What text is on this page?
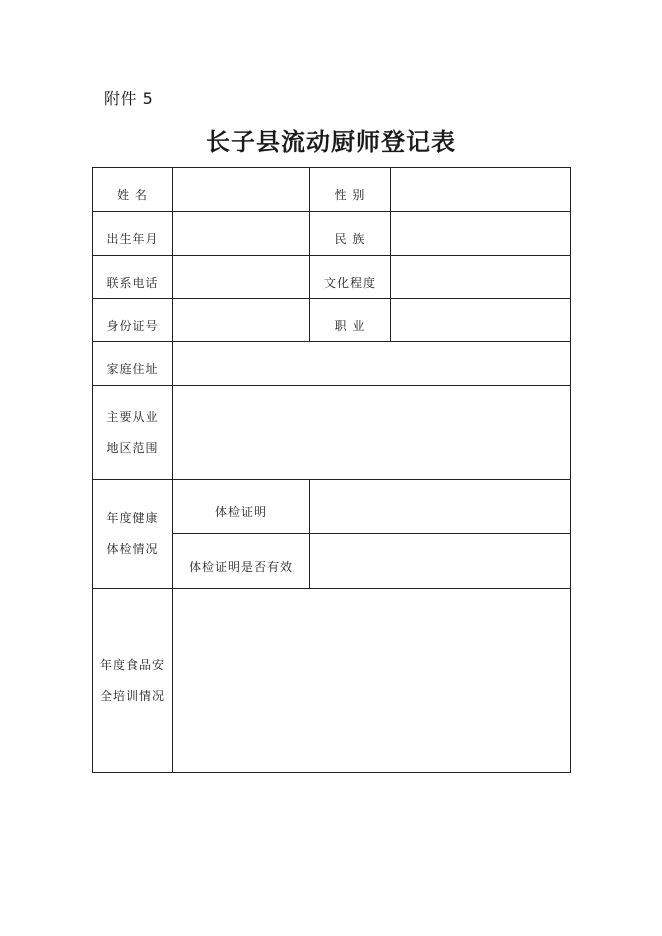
附件 5
长子县流动厨师登记表
姓 名		性 别	
出生年月		民 族	
联系电话		文化程度	
身份证号		职 业	
家庭住址			

主要从业
地区范围			

年度健康
体检情况	体检证明		
	体检证明是否有效		

年度食品安
全培训情况			
